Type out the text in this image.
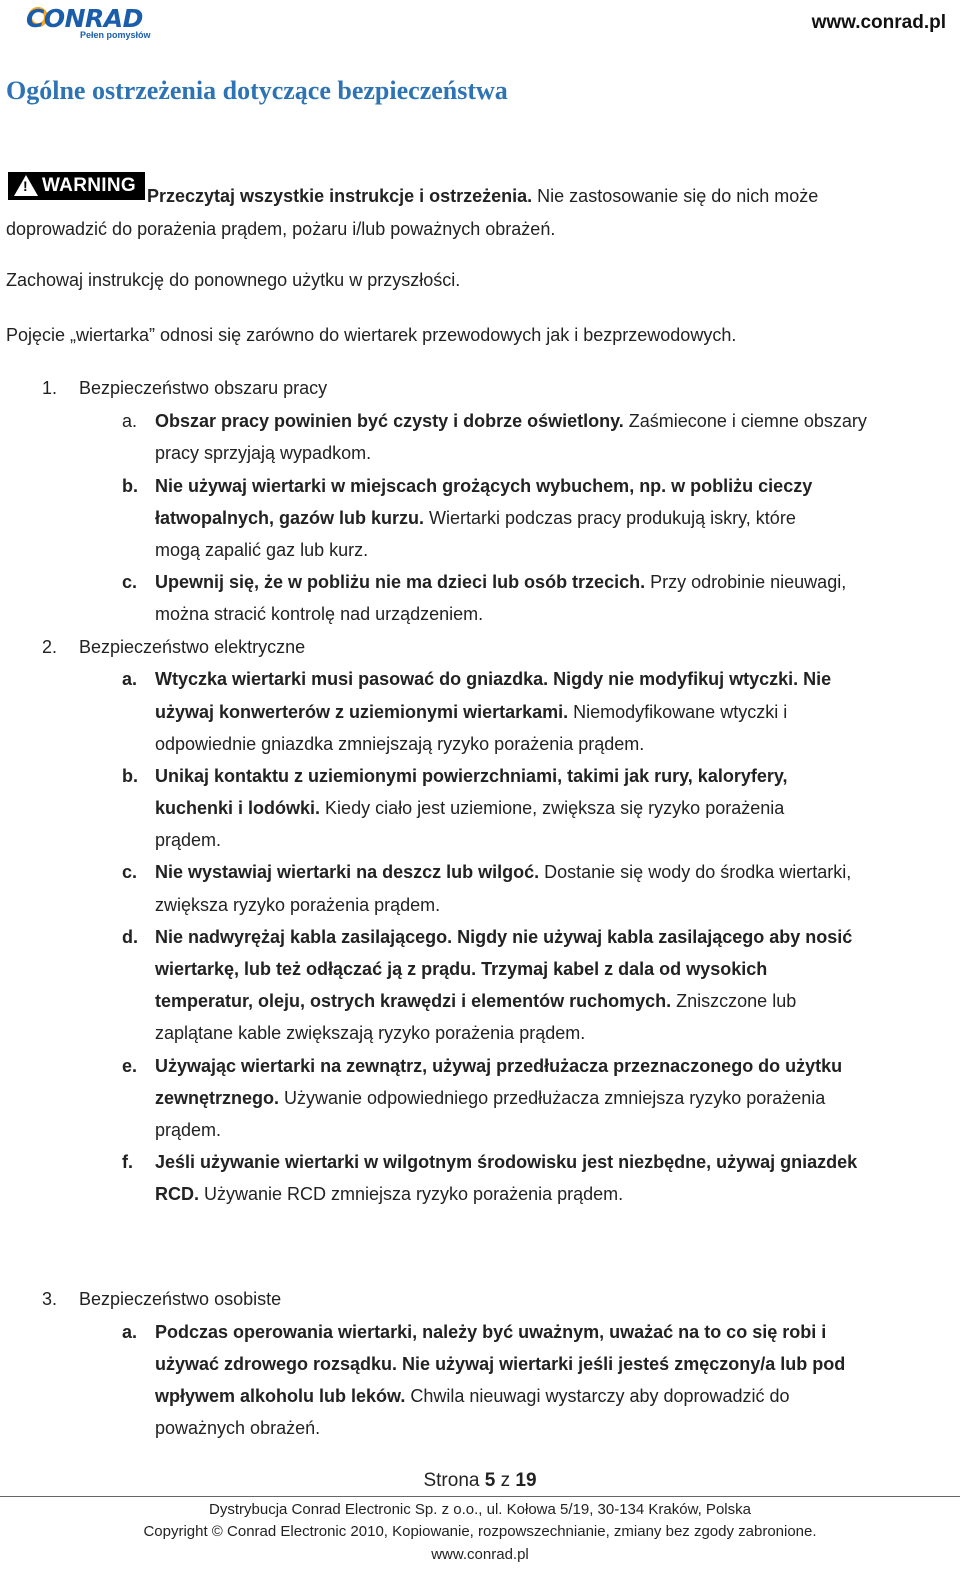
CONRAD
Pełen pomysłów
www.conrad.pl
Ogólne ostrzeżenia dotyczące bezpieczeństwa
! WARNING Przeczytaj wszystkie instrukcje i ostrzeżenia. Nie zastosowanie się do nich może
doprowadzić do porażenia prądem, pożaru i/lub poważnych obrażeń.
Zachowaj instrukcję do ponownego użytku w przyszłości.
Pojęcie „wiertarka” odnosi się zarówno do wiertarek przewodowych jak i bezprzewodowych.
1. Bezpieczeństwo obszaru pracy
a. Obszar pracy powinien być czysty i dobrze oświetlony. Zaśmiecone i ciemne obszary
pracy sprzyjają wypadkom.
b. Nie używaj wiertarki w miejscach grożących wybuchem, np. w pobliżu cieczy
łatwopalnych, gazów lub kurzu. Wiertarki podczas pracy produkują iskry, które
mogą zapalić gaz lub kurz.
c. Upewnij się, że w pobliżu nie ma dzieci lub osób trzecich. Przy odrobinie nieuwagi,
można stracić kontrolę nad urządzeniem.
2. Bezpieczeństwo elektryczne
a. Wtyczka wiertarki musi pasować do gniazdka. Nigdy nie modyfikuj wtyczki. Nie
używaj konwerterów z uziemionymi wiertarkami. Niemodyfikowane wtyczki i
odpowiednie gniazdka zmniejszają ryzyko porażenia prądem.
b. Unikaj kontaktu z uziemionymi powierzchniami, takimi jak rury, kaloryfery,
kuchenki i lodówki. Kiedy ciało jest uziemione, zwiększa się ryzyko porażenia
prądem.
c. Nie wystawiaj wiertarki na deszcz lub wilgoć. Dostanie się wody do środka wiertarki,
zwiększa ryzyko porażenia prądem.
d. Nie nadwyrężaj kabla zasilającego. Nigdy nie używaj kabla zasilającego aby nosić
wiertarkę, lub też odłączać ją z prądu. Trzymaj kabel z dala od wysokich
temperatur, oleju, ostrych krawędzi i elementów ruchomych. Zniszczone lub
zaplątane kable zwiększają ryzyko porażenia prądem.
e. Używając wiertarki na zewnątrz, używaj przedłużacza przeznaczonego do użytku
zewnętrznego. Używanie odpowiedniego przedłużacza zmniejsza ryzyko porażenia
prądem.
f. Jeśli używanie wiertarki w wilgotnym środowisku jest niezbędne, używaj gniazdek
RCD. Używanie RCD zmniejsza ryzyko porażenia prądem.
3. Bezpieczeństwo osobiste
a. Podczas operowania wiertarki, należy być uważnym, uważać na to co się robi i
używać zdrowego rozsądku. Nie używaj wiertarki jeśli jesteś zmęczony/a lub pod
wpływem alkoholu lub leków. Chwila nieuwagi wystarczy aby doprowadzić do
poważnych obrażeń.
Strona 5 z 19
Dystrybucja Conrad Electronic Sp. z o.o., ul. Kołowa 5/19, 30-134 Kraków, Polska
Copyright © Conrad Electronic 2010, Kopiowanie, rozpowszechnianie, zmiany bez zgody zabronione.
www.conrad.pl
